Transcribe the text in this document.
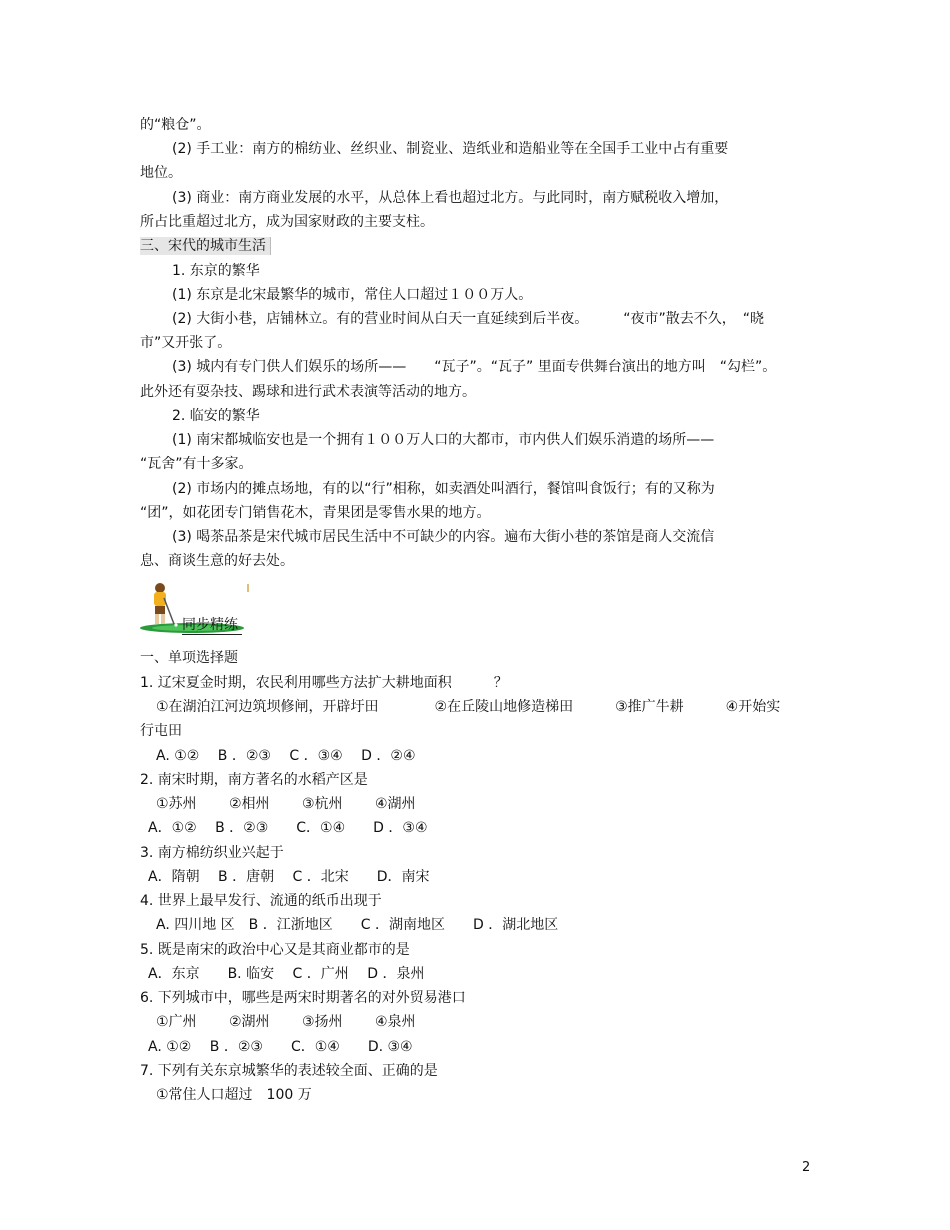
的“粮仓”。
(2) 手工业：南方的棉纺业、丝织业、制瓷业、造纸业和造船业等在全国手工业中占有重要
地位。
(3) 商业：南方商业发展的水平，从总体上看也超过北方。与此同时，南方赋税收入增加，
所占比重超过北方，成为国家财政的主要支柱。
三、宋代的城市生活
1. 东京的繁华
(1) 东京是北宋最繁华的城市，常住人口超过１００万人。
(2) 大街小巷，店铺林立。有的营业时间从白天一直延续到后半夜。　　　“夜市”散去不久，　“晓
市”又开张了。
(3) 城内有专门供人们娱乐的场所——　　“瓦子”。“瓦子” 里面专供舞台演出的地方叫　“勾栏”。
此外还有耍杂技、踢球和进行武术表演等活动的地方。
2. 临安的繁华
(1) 南宋都城临安也是一个拥有１００万人口的大都市，市内供人们娱乐消遣的场所——
“瓦舍”有十多家。
(2) 市场内的摊点场地，有的以“行”相称，如卖酒处叫酒行，餐馆叫食饭行；有的又称为
“团”，如花团专门销售花木，青果团是零售水果的地方。
(3) 喝茶品茶是宋代城市居民生活中不可缺少的内容。遍布大街小巷的茶馆是商人交流信
息、商谈生意的好去处。
同步精练
一、单项选择题
1. 辽宋夏金时期，农民利用哪些方法扩大耕地面积　　　？
①在湖泊江河边筑坝修闸，开辟圩田　　　　②在丘陵山地修造梯田　　　③推广牛耕　　　④开始实
行屯田
A. ①②　 B ．②③　 C ．③④　 D ．②④
2. 南宋时期，南方著名的水稻产区是
①苏州　　 ②相州　　 ③杭州　　 ④湖州
A．①②　 B ．②③　　C．①④　　D ．③④
3. 南方棉纺织业兴起于
A．隋朝　 B ．唐朝　 C ．北宋　　D．南宋
4. 世界上最早发行、流通的纸币出现于
A. 四川地 区　B ．江浙地区　　C ．湖南地区　　D ．湖北地区
5. 既是南宋的政治中心又是其商业都市的是
A．东京　　B. 临安　 C ．广州　 D ．泉州
6. 下列城市中，哪些是两宋时期著名的对外贸易港口
①广州　　 ②湖州　　 ③扬州　　 ④泉州
A. ①②　 B ．②③　　C．①④　　D. ③④
7. 下列有关东京城繁华的表述较全面、正确的是
①常住人口超过　100 万
2
